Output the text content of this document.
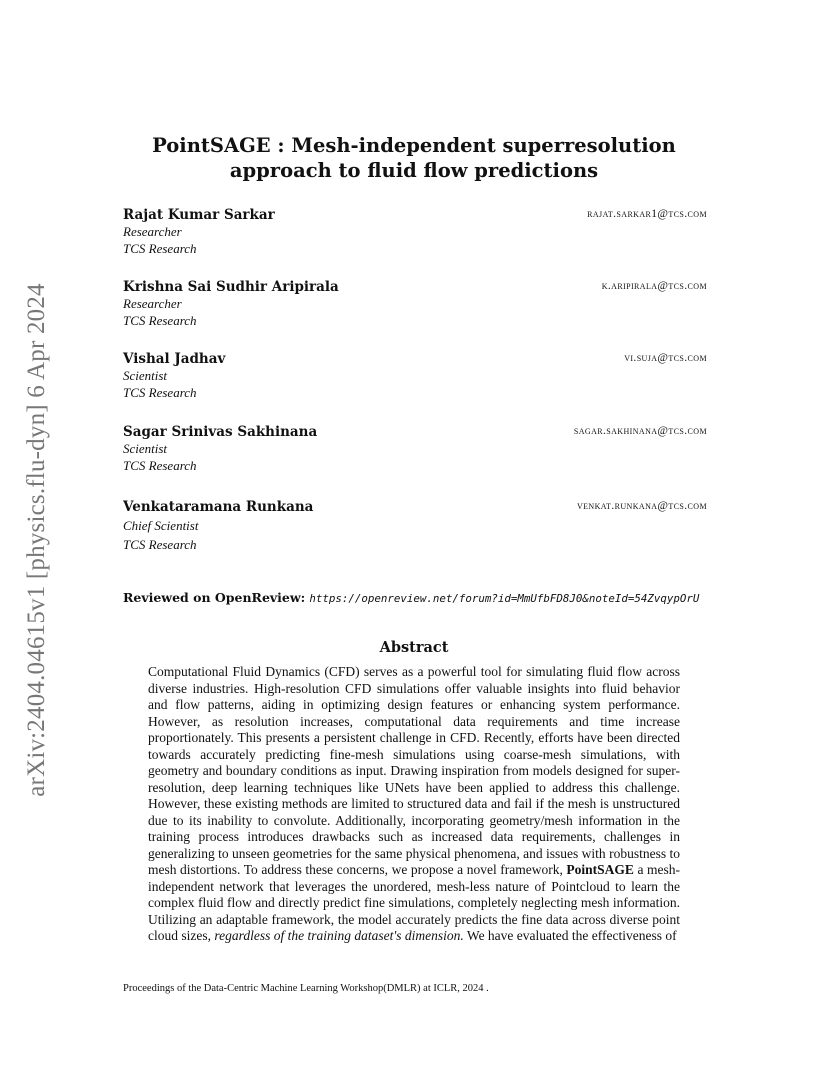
arXiv:2404.04615v1 [physics.flu-dyn] 6 Apr 2024
PointSAGE : Mesh-independent superresolution approach to fluid flow predictions
Rajat Kumar Sarkar	rajat.sarkar1@tcs.com
Researcher
TCS Research
Krishna Sai Sudhir Aripirala	k.aripirala@tcs.com
Researcher
TCS Research
Vishal Jadhav	vi.suja@tcs.com
Scientist
TCS Research
Sagar Srinivas Sakhinana	sagar.sakhinana@tcs.com
Scientist
TCS Research
Venkataramana Runkana	venkat.runkana@tcs.com
Chief Scientist
TCS Research
Reviewed on OpenReview: https://openreview.net/forum?id=MmUfbFD8J0&noteId=54ZvqypOrU
Abstract
Computational Fluid Dynamics (CFD) serves as a powerful tool for simulating fluid flow across diverse industries. High-resolution CFD simulations offer valuable insights into fluid behavior and flow patterns, aiding in optimizing design features or enhancing system performance. However, as resolution increases, computational data requirements and time increase proportionately. This presents a persistent challenge in CFD. Recently, efforts have been directed towards accurately predicting fine-mesh simulations using coarse-mesh simulations, with geometry and boundary conditions as input. Drawing inspiration from models designed for super-resolution, deep learning techniques like UNets have been applied to address this challenge. However, these existing methods are limited to structured data and fail if the mesh is unstructured due to its inability to convolute. Additionally, incorporating geometry/mesh information in the training process introduces drawbacks such as increased data requirements, challenges in generalizing to unseen geometries for the same physical phenomena, and issues with robustness to mesh distortions. To address these concerns, we propose a novel framework, PointSAGE a mesh-independent network that leverages the unordered, mesh-less nature of Pointcloud to learn the complex fluid flow and directly predict fine simulations, completely neglecting mesh information. Utilizing an adaptable framework, the model accurately predicts the fine data across diverse point cloud sizes, regardless of the training dataset's dimension. We have evaluated the effectiveness of
Proceedings of the Data-Centric Machine Learning Workshop(DMLR) at ICLR, 2024 .
